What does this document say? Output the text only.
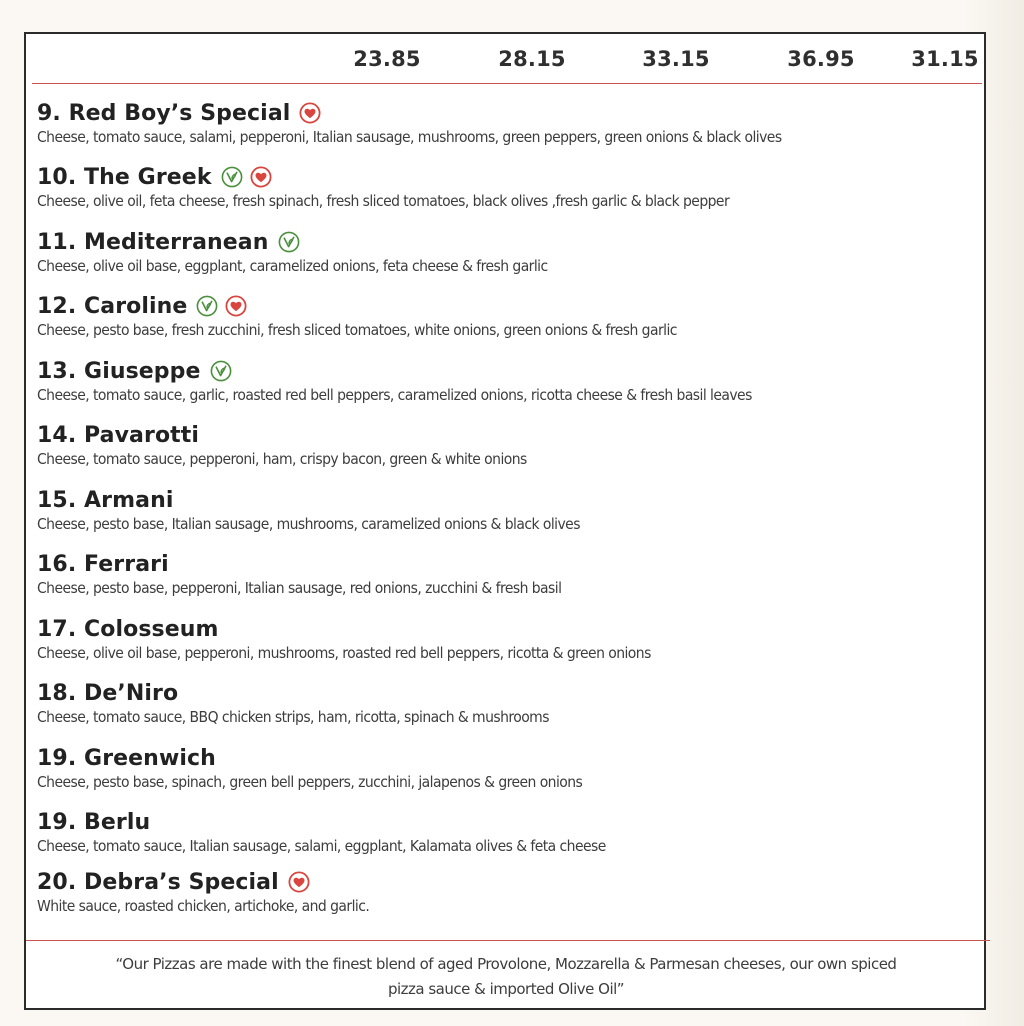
23.85	28.15	33.15	36.95	31.15
9. Red Boy’s Special
Cheese, tomato sauce, salami, pepperoni, Italian sausage, mushrooms, green peppers, green onions & black olives
10. The Greek
Cheese, olive oil, feta cheese, fresh spinach, fresh sliced tomatoes, black olives ,fresh garlic & black pepper
11. Mediterranean
Cheese, olive oil base, eggplant, caramelized onions, feta cheese & fresh garlic
12. Caroline
Cheese, pesto base, fresh zucchini, fresh sliced tomatoes, white onions, green onions & fresh garlic
13. Giuseppe
Cheese, tomato sauce, garlic, roasted red bell peppers, caramelized onions, ricotta cheese & fresh basil leaves
14. Pavarotti
Cheese, tomato sauce, pepperoni, ham, crispy bacon, green & white onions
15. Armani
Cheese, pesto base, Italian sausage, mushrooms, caramelized onions & black olives
16. Ferrari
Cheese, pesto base, pepperoni, Italian sausage, red onions, zucchini & fresh basil
17. Colosseum
Cheese, olive oil base, pepperoni, mushrooms, roasted red bell peppers, ricotta & green onions
18. De’Niro
Cheese, tomato sauce, BBQ chicken strips, ham, ricotta, spinach & mushrooms
19. Greenwich
Cheese, pesto base, spinach, green bell peppers, zucchini, jalapenos & green onions
19. Berlu
Cheese, tomato sauce, Italian sausage, salami, eggplant, Kalamata olives & feta cheese
20. Debra’s Special
White sauce, roasted chicken, artichoke, and garlic.
“Our Pizzas are made with the finest blend of aged Provolone, Mozzarella & Parmesan cheeses, our own spiced
pizza sauce & imported Olive Oil”
